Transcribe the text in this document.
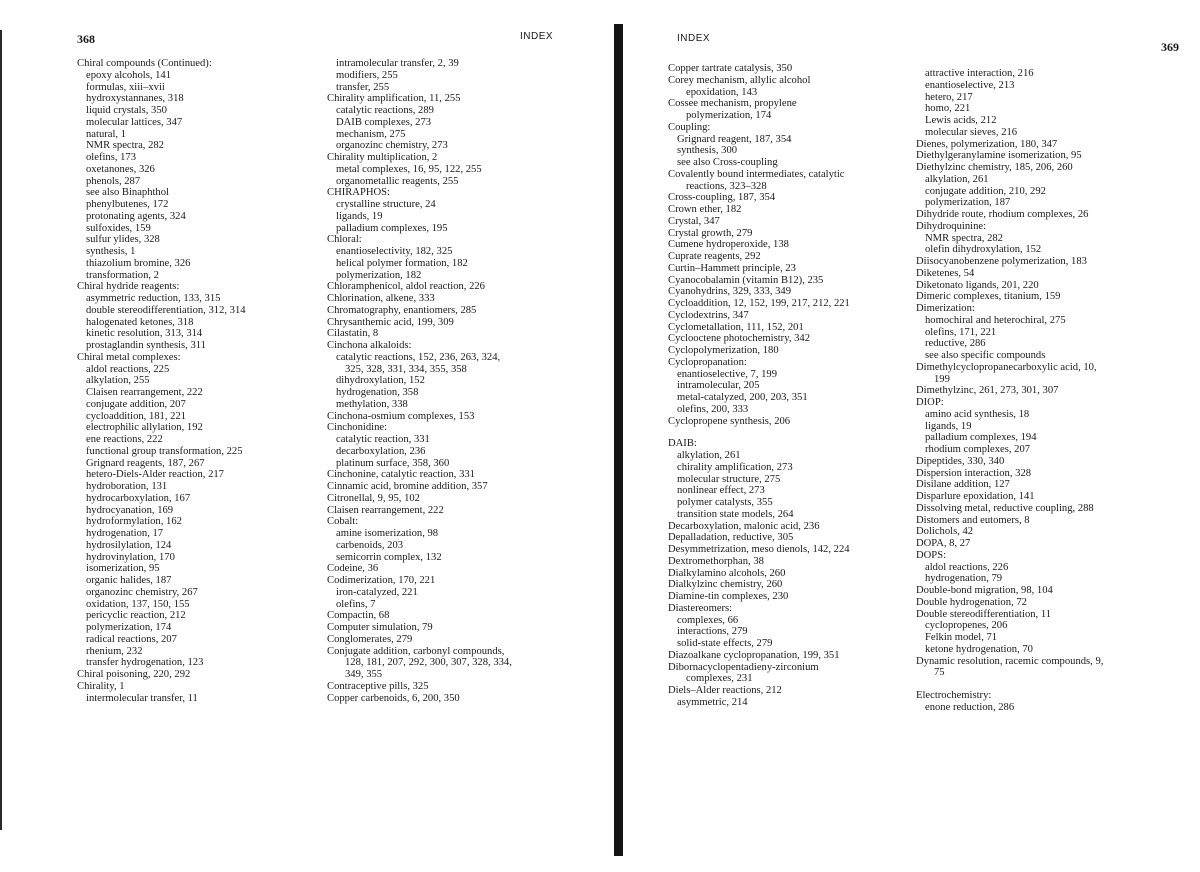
368	INDEX
Chiral compounds (Continued):
epoxy alcohols, 141
formulas, xiii–xvii
hydroxystannanes, 318
liquid crystals, 350
molecular lattices, 347
natural, 1
NMR spectra, 282
olefins, 173
oxetanones, 326
phenols, 287
see also Binaphthol
phenylbutenes, 172
protonating agents, 324
sulfoxides, 159
sulfur ylides, 328
synthesis, 1
thiazolium bromine, 326
transformation, 2
Chiral hydride reagents:
asymmetric reduction, 133, 315
double stereodifferentiation, 312, 314
halogenated ketones, 318
kinetic resolution, 313, 314
prostaglandin synthesis, 311
Chiral metal complexes:
aldol reactions, 225
alkylation, 255
Claisen rearrangement, 222
conjugate addition, 207
cycloaddition, 181, 221
electrophilic allylation, 192
ene reactions, 222
functional group transformation, 225
Grignard reagents, 187, 267
hetero-Diels-Alder reaction, 217
hydroboration, 131
hydrocarboxylation, 167
hydrocyanation, 169
hydroformylation, 162
hydrogenation, 17
hydrosilylation, 124
hydrovinylation, 170
isomerization, 95
organic halides, 187
organozinc chemistry, 267
oxidation, 137, 150, 155
pericyclic reaction, 212
polymerization, 174
radical reactions, 207
rhenium, 232
transfer hydrogenation, 123
Chiral poisoning, 220, 292
Chirality, 1
intermolecular transfer, 11
intramolecular transfer, 2, 39
modifiers, 255
transfer, 255
Chirality amplification, 11, 255
catalytic reactions, 289
DAIB complexes, 273
mechanism, 275
organozinc chemistry, 273
Chirality multiplication, 2
metal complexes, 16, 95, 122, 255
organometallic reagents, 255
CHIRAPHOS:
crystalline structure, 24
ligands, 19
palladium complexes, 195
Chloral:
enantioselectivity, 182, 325
helical polymer formation, 182
polymerization, 182
Chloramphenicol, aldol reaction, 226
Chlorination, alkene, 333
Chromatography, enantiomers, 285
Chrysanthemic acid, 199, 309
Cilastatin, 8
Cinchona alkaloids:
catalytic reactions, 152, 236, 263, 324,
325, 328, 331, 334, 355, 358
dihydroxylation, 152
hydrogenation, 358
methylation, 338
Cinchona-osmium complexes, 153
Cinchonidine:
catalytic reaction, 331
decarboxylation, 236
platinum surface, 358, 360
Cinchonine, catalytic reaction, 331
Cinnamic acid, bromine addition, 357
Citronellal, 9, 95, 102
Claisen rearrangement, 222
Cobalt:
amine isomerization, 98
carbenoids, 203
semicorrin complex, 132
Codeine, 36
Codimerization, 170, 221
iron-catalyzed, 221
olefins, 7
Compactin, 68
Computer simulation, 79
Conglomerates, 279
Conjugate addition, carbonyl compounds,
128, 181, 207, 292, 300, 307, 328, 334,
349, 355
Contraceptive pills, 325
Copper carbenoids, 6, 200, 350
INDEX
369
Copper tartrate catalysis, 350
Corey mechanism, allylic alcohol
epoxidation, 143
Cossee mechanism, propylene
polymerization, 174
Coupling:
Grignard reagent, 187, 354
synthesis, 300
see also Cross-coupling
Covalently bound intermediates, catalytic
reactions, 323–328
Cross-coupling, 187, 354
Crown ether, 182
Crystal, 347
Crystal growth, 279
Cumene hydroperoxide, 138
Cuprate reagents, 292
Curtin–Hammett principle, 23
Cyanocobalamin (vitamin B12), 235
Cyanohydrins, 329, 333, 349
Cycloaddition, 12, 152, 199, 217, 212, 221
Cyclodextrins, 347
Cyclometallation, 111, 152, 201
Cyclooctene photochemistry, 342
Cyclopolymerization, 180
Cyclopropanation:
enantioselective, 7, 199
intramolecular, 205
metal-catalyzed, 200, 203, 351
olefins, 200, 333
Cyclopropene synthesis, 206
DAIB:
alkylation, 261
chirality amplification, 273
molecular structure, 275
nonlinear effect, 273
polymer catalysts, 355
transition state models, 264
Decarboxylation, malonic acid, 236
Depalladation, reductive, 305
Desymmetrization, meso dienols, 142, 224
Dextromethorphan, 38
Dialkylamino alcohols, 260
Dialkylzinc chemistry, 260
Diamine-tin complexes, 230
Diastereomers:
complexes, 66
interactions, 279
solid-state effects, 279
Diazoalkane cyclopropanation, 199, 351
Dibornacyclopentadieny-zirconium
complexes, 231
Diels–Alder reactions, 212
asymmetric, 214
attractive interaction, 216
enantioselective, 213
hetero, 217
homo, 221
Lewis acids, 212
molecular sieves, 216
Dienes, polymerization, 180, 347
Diethylgeranylamine isomerization, 95
Diethylzinc chemistry, 185, 206, 260
alkylation, 261
conjugate addition, 210, 292
polymerization, 187
Dihydride route, rhodium complexes, 26
Dihydroquinine:
NMR spectra, 282
olefin dihydroxylation, 152
Diisocyanobenzene polymerization, 183
Diketenes, 54
Diketonato ligands, 201, 220
Dimeric complexes, titanium, 159
Dimerization:
homochiral and heterochiral, 275
olefins, 171, 221
reductive, 286
see also specific compounds
Dimethylcyclopropanecarboxylic acid, 10,
199
Dimethylzinc, 261, 273, 301, 307
DIOP:
amino acid synthesis, 18
ligands, 19
palladium complexes, 194
rhodium complexes, 207
Dipeptides, 330, 340
Dispersion interaction, 328
Disilane addition, 127
Disparlure epoxidation, 141
Dissolving metal, reductive coupling, 288
Distomers and eutomers, 8
Dolichols, 42
DOPA, 8, 27
DOPS:
aldol reactions, 226
hydrogenation, 79
Double-bond migration, 98, 104
Double hydrogenation, 72
Double stereodifferentiation, 11
cyclopropenes, 206
Felkin model, 71
ketone hydrogenation, 70
Dynamic resolution, racemic compounds, 9,
75
Electrochemistry:
enone reduction, 286
